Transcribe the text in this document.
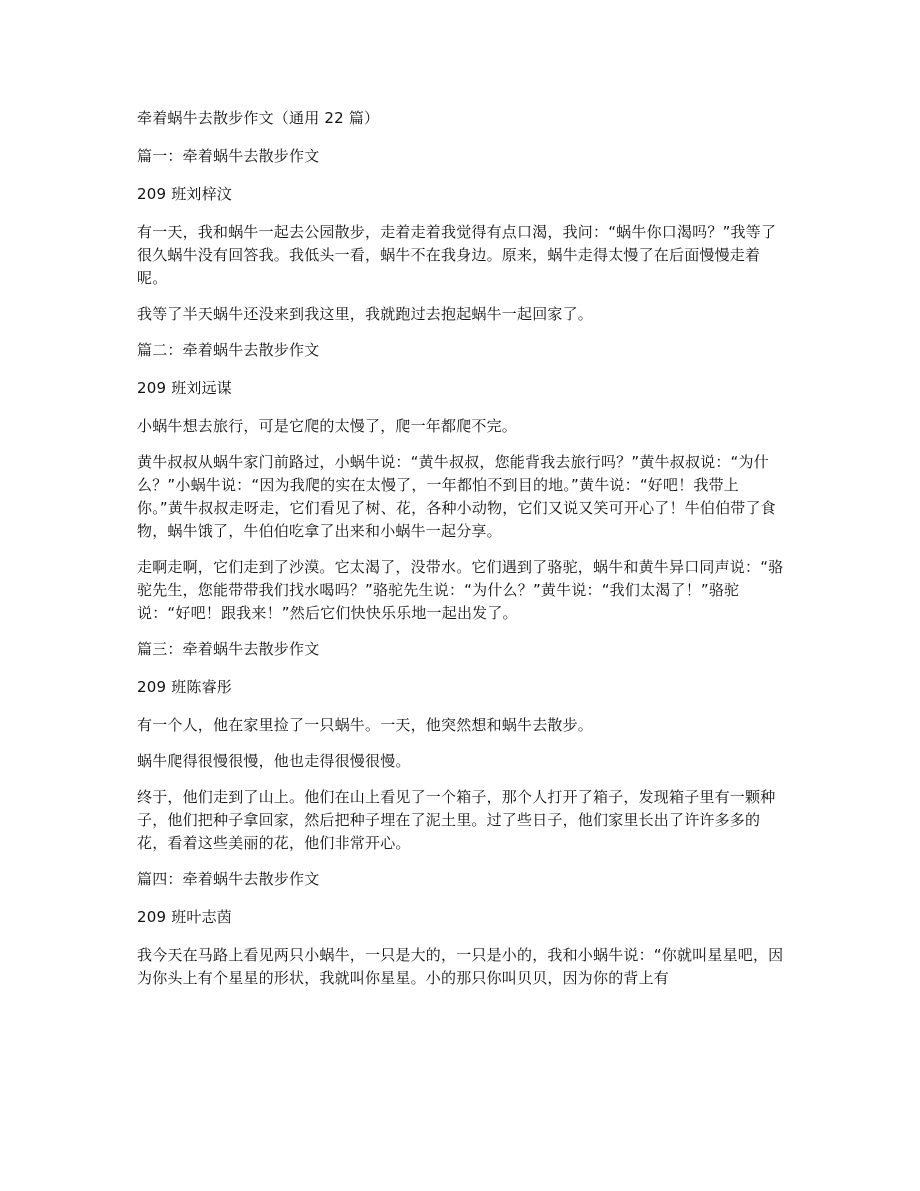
牵着蜗牛去散步作文（通用 22 篇）

篇一：牵着蜗牛去散步作文

209 班刘梓汶

有一天，我和蜗牛一起去公园散步，走着走着我觉得有点口渴，我问：“蜗牛你口渴吗？”我等了很久蜗牛没有回答我。我低头一看，蜗牛不在我身边。原来，蜗牛走得太慢了在后面慢慢走着呢。

我等了半天蜗牛还没来到我这里，我就跑过去抱起蜗牛一起回家了。

篇二：牵着蜗牛去散步作文

209 班刘远谋

小蜗牛想去旅行，可是它爬的太慢了，爬一年都爬不完。

黄牛叔叔从蜗牛家门前路过，小蜗牛说：“黄牛叔叔，您能背我去旅行吗？”黄牛叔叔说：“为什么？”小蜗牛说：“因为我爬的实在太慢了，一年都怕不到目的地。”黄牛说：“好吧！我带上你。”黄牛叔叔走呀走，它们看见了树、花，各种小动物，它们又说又笑可开心了！牛伯伯带了食物，蜗牛饿了，牛伯伯吃拿了出来和小蜗牛一起分享。

走啊走啊，它们走到了沙漠。它太渴了，没带水。它们遇到了骆驼，蜗牛和黄牛异口同声说：“骆驼先生，您能带带我们找水喝吗？”骆驼先生说：“为什么？”黄牛说：“我们太渴了！”骆驼说：“好吧！跟我来！”然后它们快快乐乐地一起出发了。

篇三：牵着蜗牛去散步作文

209 班陈睿彤

有一个人，他在家里捡了一只蜗牛。一天，他突然想和蜗牛去散步。

蜗牛爬得很慢很慢，他也走得很慢很慢。

终于，他们走到了山上。他们在山上看见了一个箱子，那个人打开了箱子，发现箱子里有一颗种子，他们把种子拿回家，然后把种子埋在了泥土里。过了些日子，他们家里长出了许许多多的花，看着这些美丽的花，他们非常开心。

篇四：牵着蜗牛去散步作文

209 班叶志茵

我今天在马路上看见两只小蜗牛，一只是大的，一只是小的，我和小蜗牛说：“你就叫星星吧，因为你头上有个星星的形状，我就叫你星星。小的那只你叫贝贝，因为你的背上有
